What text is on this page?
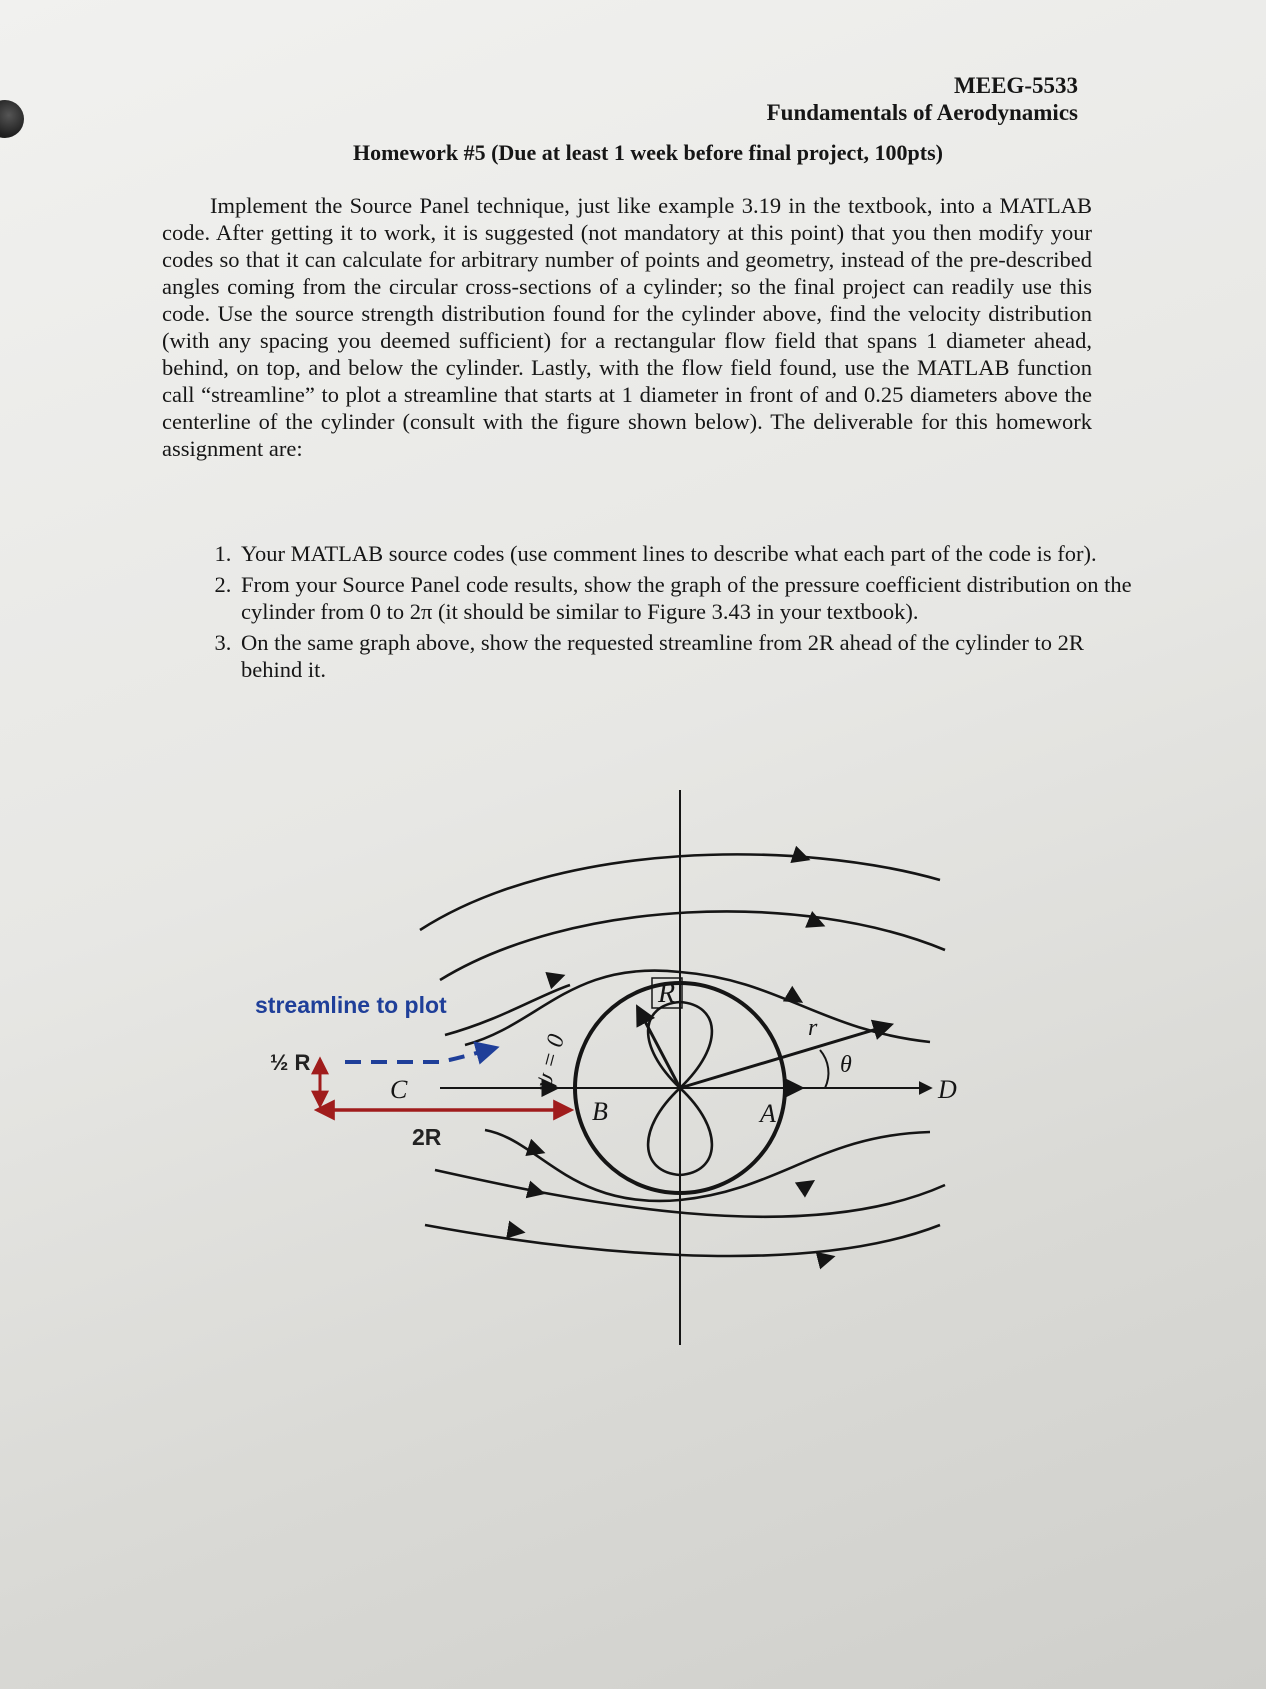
MEEG-5533
Fundamentals of Aerodynamics
Homework #5 (Due at least 1 week before final project, 100pts)

Implement the Source Panel technique, just like example 3.19 in the textbook, into a MATLAB code. After getting it to work, it is suggested (not mandatory at this point) that you then modify your codes so that it can calculate for arbitrary number of points and geometry, instead of the pre-described angles coming from the circular cross-sections of a cylinder; so the final project can readily use this code. Use the source strength distribution found for the cylinder above, find the velocity distribution (with any spacing you deemed sufficient) for a rectangular flow field that spans 1 diameter ahead, behind, on top, and below the cylinder. Lastly, with the flow field found, use the MATLAB function call “streamline” to plot a streamline that starts at 1 diameter in front of and 0.25 diameters above the centerline of the cylinder (consult with the figure shown below). The deliverable for this homework assignment are:

1. Your MATLAB source codes (use comment lines to describe what each part of the code is for).
2. From your Source Panel code results, show the graph of the pressure coefficient distribution on the cylinder from 0 to 2π (it should be similar to Figure 3.43 in your textbook).
3. On the same graph above, show the requested streamline from 2R ahead of the cylinder to 2R behind it.
streamline to plot
½ R
2R
C
B	A
D
R
r
θ
ψ = 0
